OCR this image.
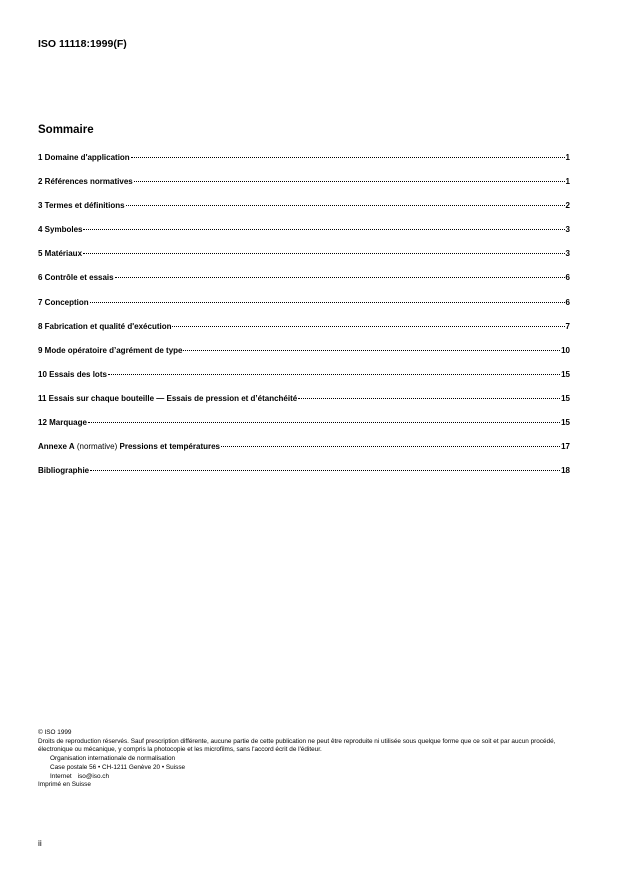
ISO 11118:1999(F)
Sommaire
1 Domaine d'application	1
2 Références normatives	1
3 Termes et définitions	2
4 Symboles	3
5 Matériaux	3
6 Contrôle et essais	6
7 Conception	6
8 Fabrication et qualité d'exécution	7
9 Mode opératoire d’agrément de type	10
10 Essais des lots	15
11 Essais sur chaque bouteille — Essais de pression et d’étanchéité	15
12 Marquage	15
Annexe A (normative) Pressions et températures	17
Bibliographie	18

© ISO 1999

Droits de reproduction réservés. Sauf prescription différente, aucune partie de cette publication ne peut être reproduite ni utilisée sous quelque forme que ce soit et par aucun procédé, électronique ou mécanique, y compris la photocopie et les microfilms, sans l'accord écrit de l'éditeur.

Organisation internationale de normalisation

Case postale 56 • CH-1211 Genève 20 • Suisse

Internet iso@iso.ch

Imprimé en Suisse

ii
